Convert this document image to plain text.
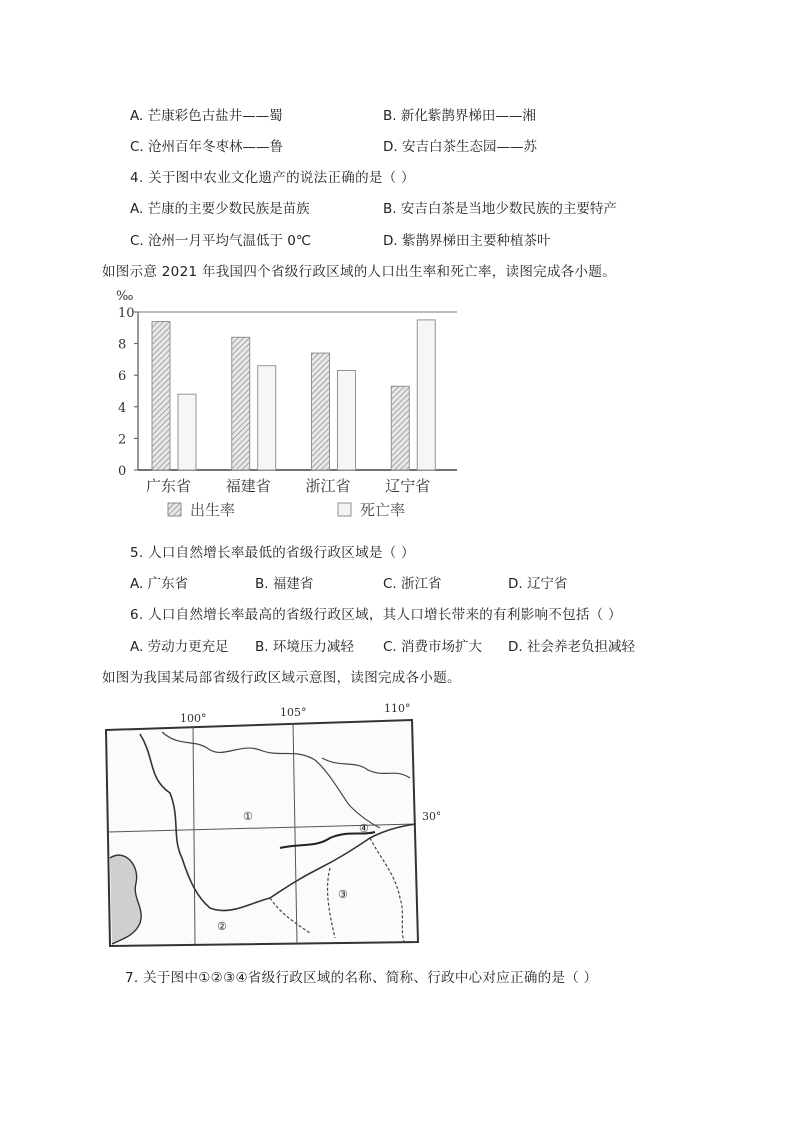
A. 芒康彩色古盐井——蜀	B. 新化紫鹊界梯田——湘
C. 沧州百年冬枣林——鲁	D. 安吉白茶生态园——苏
4. 关于图中农业文化遗产的说法正确的是（ ）
A. 芒康的主要少数民族是苗族	B. 安吉白茶是当地少数民族的主要特产
C. 沧州一月平均气温低于 0℃	D. 紫鹊界梯田主要种植茶叶
如图示意 2021 年我国四个省级行政区域的人口出生率和死亡率，读图完成各小题。
‰
0
2
4
6
8
10
广东省 福建省 浙江省 辽宁省
出生率	死亡率
5. 人口自然增长率最低的省级行政区域是（ ）
A. 广东省	B. 福建省	C. 浙江省	D. 辽宁省
6. 人口自然增长率最高的省级行政区域，其人口增长带来的有利影响不包括（ ）
A. 劳动力更充足 B. 环境压力减轻 C. 消费市场扩大 D. 社会养老负担减轻
如图为我国某局部省级行政区域示意图，读图完成各小题。
100°	105°	110°
30°
①
②
③
④
7. 关于图中①②③④省级行政区域的名称、简称、行政中心对应正确的是（ ）
